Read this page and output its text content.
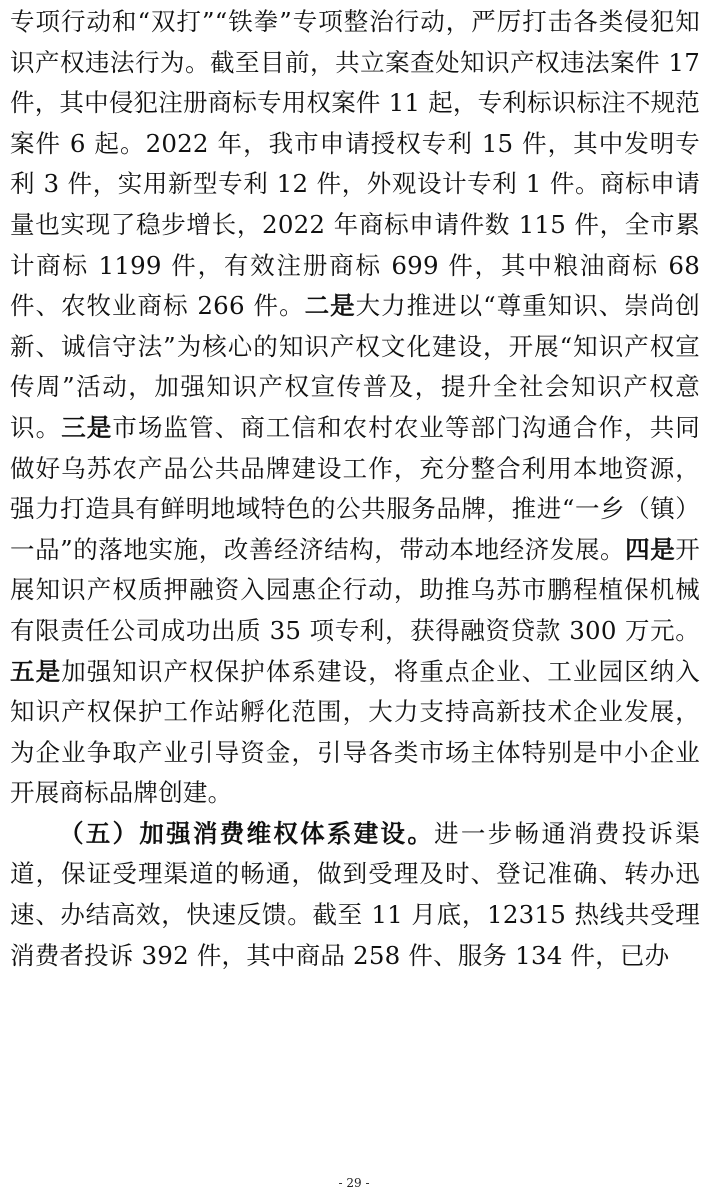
专项行动和“双打”“铁拳”专项整治行动，严厉打击各类侵犯知识产权违法行为。截至目前，共立案查处知识产权违法案件 17 件，其中侵犯注册商标专用权案件 11 起，专利标识标注不规范案件 6 起。2022 年，我市申请授权专利 15 件，其中发明专利 3 件，实用新型专利 12 件，外观设计专利 1 件。商标申请量也实现了稳步增长，2022 年商标申请件数 115 件，全市累计商标 1199 件，有效注册商标 699 件，其中粮油商标 68 件、农牧业商标 266 件。二是大力推进以“尊重知识、崇尚创新、诚信守法”为核心的知识产权文化建设，开展“知识产权宣传周”活动，加强知识产权宣传普及，提升全社会知识产权意识。三是市场监管、商工信和农村农业等部门沟通合作，共同做好乌苏农产品公共品牌建设工作，充分整合利用本地资源，强力打造具有鲜明地域特色的公共服务品牌，推进“一乡（镇）一品”的落地实施，改善经济结构，带动本地经济发展。四是开展知识产权质押融资入园惠企行动，助推乌苏市鹏程植保机械有限责任公司成功出质 35 项专利，获得融资贷款 300 万元。五是加强知识产权保护体系建设，将重点企业、工业园区纳入知识产权保护工作站孵化范围，大力支持高新技术企业发展，为企业争取产业引导资金，引导各类市场主体特别是中小企业开展商标品牌创建。

（五）加强消费维权体系建设。进一步畅通消费投诉渠道，保证受理渠道的畅通，做到受理及时、登记准确、转办迅速、办结高效，快速反馈。截至 11 月底，12315 热线共受理消费者投诉 392 件，其中商品 258 件、服务 134 件，已办

- 29 -
